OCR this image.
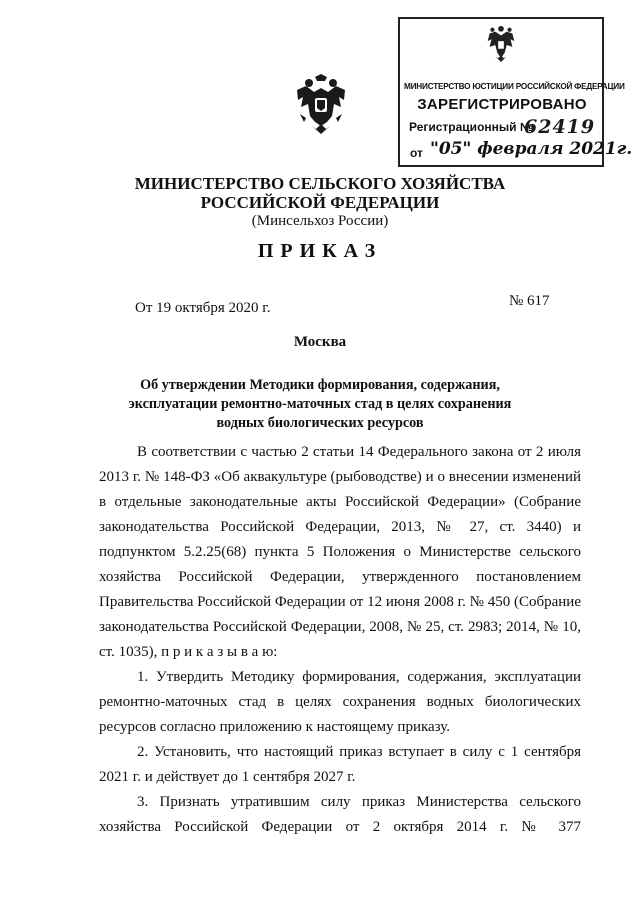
МИНИСТЕРСТВО ЮСТИЦИИ РОССИЙСКОЙ ФЕДЕРАЦИИ
ЗАРЕГИСТРИРОВАНО
Регистрационный №
62419
от "05" февраля 2021г.
МИНИСТЕРСТВО СЕЛЬСКОГО ХОЗЯЙСТВА
РОССИЙСКОЙ ФЕДЕРАЦИИ
(Минсельхоз России)
ПРИКАЗ
От 19 октября 2020 г.	№ 617
Москва
Об утверждении Методики формирования, содержания,
эксплуатации ремонтно-маточных стад в целях сохранения
водных биологических ресурсов

В соответствии с частью 2 статьи 14 Федерального закона от 2 июля 2013 г. № 148-ФЗ «Об аквакультуре (рыбоводстве) и о внесении изменений в отдельные законодательные акты Российской Федерации» (Собрание законодательства Российской Федерации, 2013, № 27, ст. 3440) и подпунктом 5.2.25(68) пункта 5 Положения о Министерстве сельского хозяйства Российской Федерации, утвержденного постановлением Правительства Российской Федерации от 12 июня 2008 г. № 450 (Собрание законодательства Российской Федерации, 2008, № 25, ст. 2983; 2014, № 10, ст. 1035), п р и к а з ы в а ю:

1. Утвердить Методику формирования, содержания, эксплуатации ремонтно-маточных стад в целях сохранения водных биологических ресурсов согласно приложению к настоящему приказу.

2. Установить, что настоящий приказ вступает в силу с 1 сентября 2021 г. и действует до 1 сентября 2027 г.

3. Признать утратившим силу приказ Министерства сельского хозяйства Российской Федерации от 2 октября 2014 г. № 377
